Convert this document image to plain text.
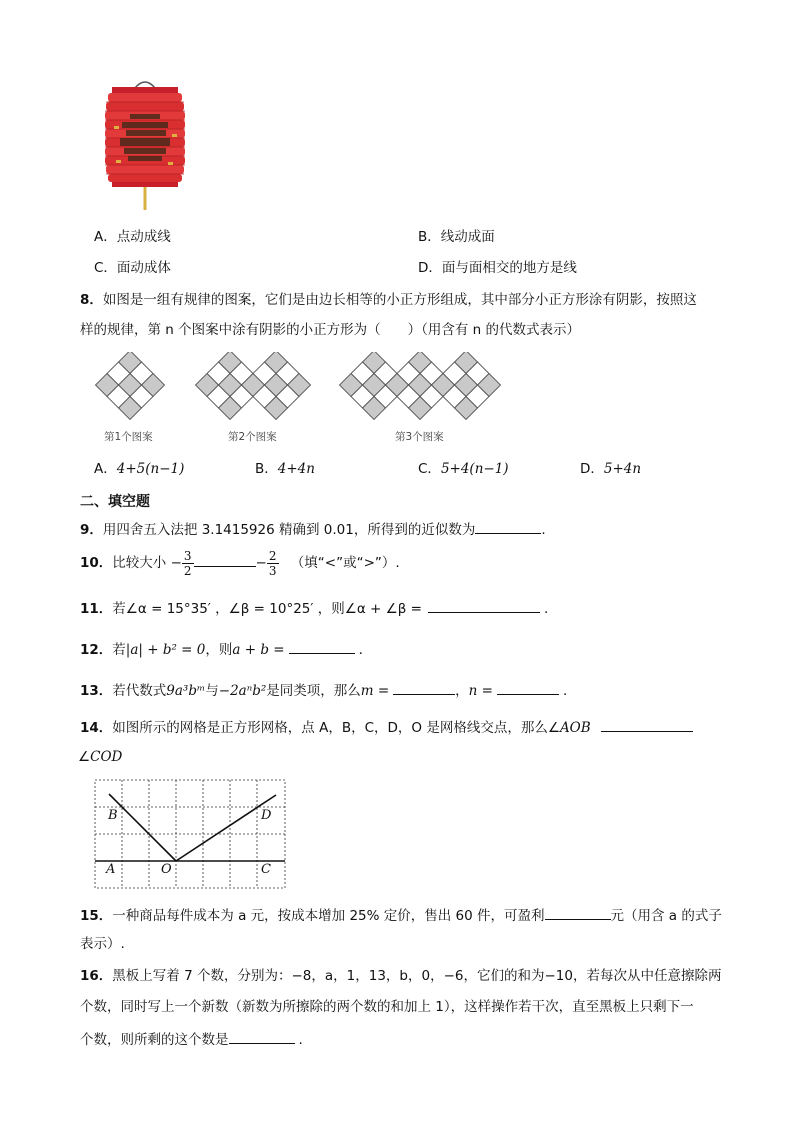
A．点动成线	B．线动成面
C．面动成体	D．面与面相交的地方是线
8．如图是一组有规律的图案，它们是由边长相等的小正方形组成，其中部分小正方形涂有阴影，按照这
样的规律，第 n 个图案中涂有阴影的小正方形为（　　）（用含有 n 的代数式表示）
第1个图案	第2个图案	第3个图案
A．4+5(n−1)	B．4+4n	C．5+4(n−1)	D．5+4n
二、填空题
9．用四舍五入法把 3.1415926 精确到 0.01，所得到的近似数为	.
10．比较大小 − $\frac{3}{2}$	− $\frac{2}{3}$ （填“<”或“>”）.
11．若∠α = 15°35′ ，∠β = 10°25′ ，则∠α + ∠β =	.
12．若|a| + b² = 0，则a + b =	.
13．若代数式9a³bᵐ与−2aⁿb²是同类项，那么m =	，n =	.
14．如图所示的网格是正方形网格，点 A，B，C，D，O 是网格线交点，那么∠AOB
∠COD
B	D
A	O	C
15．一种商品每件成本为 a 元，按成本增加 25% 定价，售出 60 件，可盈利	元（用含 a 的式子
表示）.
16．黑板上写着 7 个数，分别为：−8，a，1，13，b，0，−6，它们的和为−10，若每次从中任意擦除两
个数，同时写上一个新数（新数为所擦除的两个数的和加上 1），这样操作若干次，直至黑板上只剩下一
个数，则所剩的这个数是	.
